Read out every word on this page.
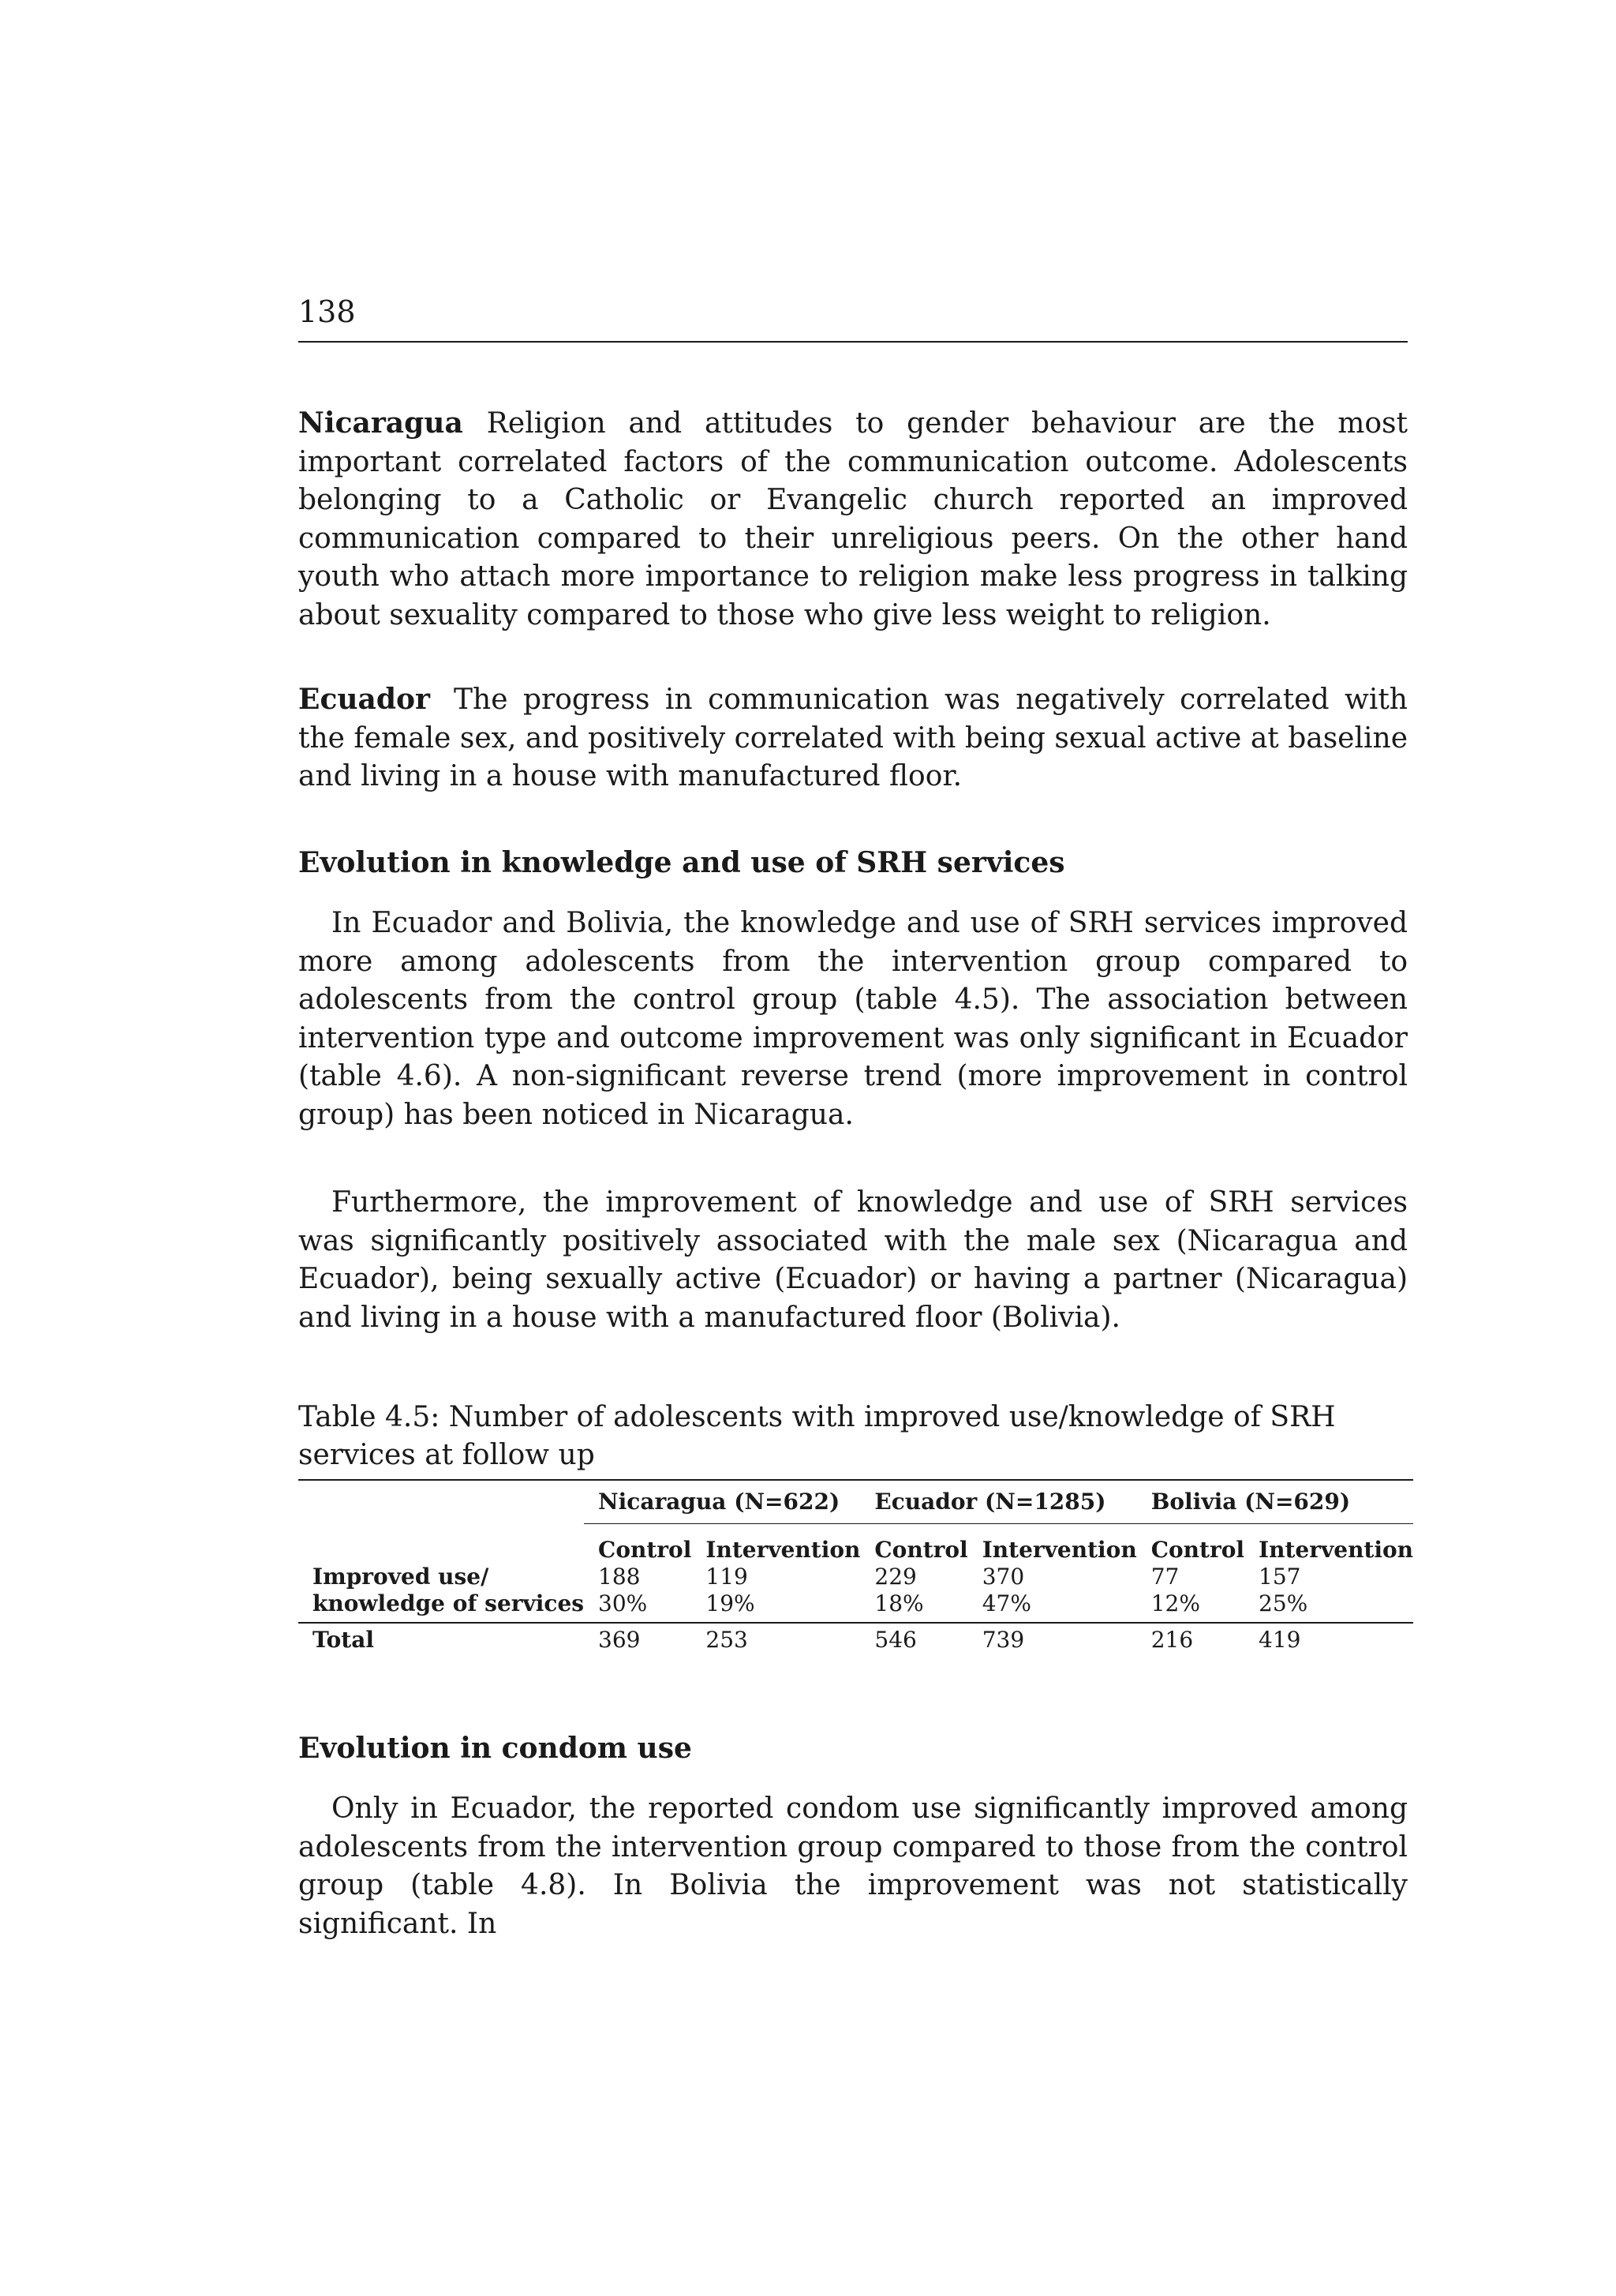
138

Nicaragua Religion and attitudes to gender behaviour are the most important correlated factors of the communication outcome. Adolescents belonging to a Catholic or Evangelic church reported an improved communication compared to their unreligious peers. On the other hand youth who attach more importance to religion make less progress in talking about sexuality compared to those who give less weight to religion.

Ecuador The progress in communication was negatively correlated with the female sex, and positively correlated with being sexual active at baseline and living in a house with manufactured floor.

Evolution in knowledge and use of SRH services

In Ecuador and Bolivia, the knowledge and use of SRH services improved more among adolescents from the intervention group compared to adolescents from the control group (table 4.5). The association between intervention type and outcome improvement was only significant in Ecuador (table 4.6). A non-significant reverse trend (more improvement in control group) has been noticed in Nicaragua.

Furthermore, the improvement of knowledge and use of SRH services was significantly positively associated with the male sex (Nicaragua and Ecuador), being sexually active (Ecuador) or having a partner (Nicaragua) and living in a house with a manufactured floor (Bolivia).

Table 4.5: Number of adolescents with improved use/knowledge of SRH services at follow up

	Nicaragua (N=622)		Ecuador (N=1285)		Bolivia (N=629)	
	Control	Intervention	Control	Intervention	Control	Intervention
Improved use/	188	119	229	370	77	157
knowledge of services	30%	19%	18%	47%	12%	25%
Total	369	253	546	739	216	419
Evolution in condom use

Only in Ecuador, the reported condom use significantly improved among adolescents from the intervention group compared to those from the control group (table 4.8). In Bolivia the improvement was not statistically significant. In
